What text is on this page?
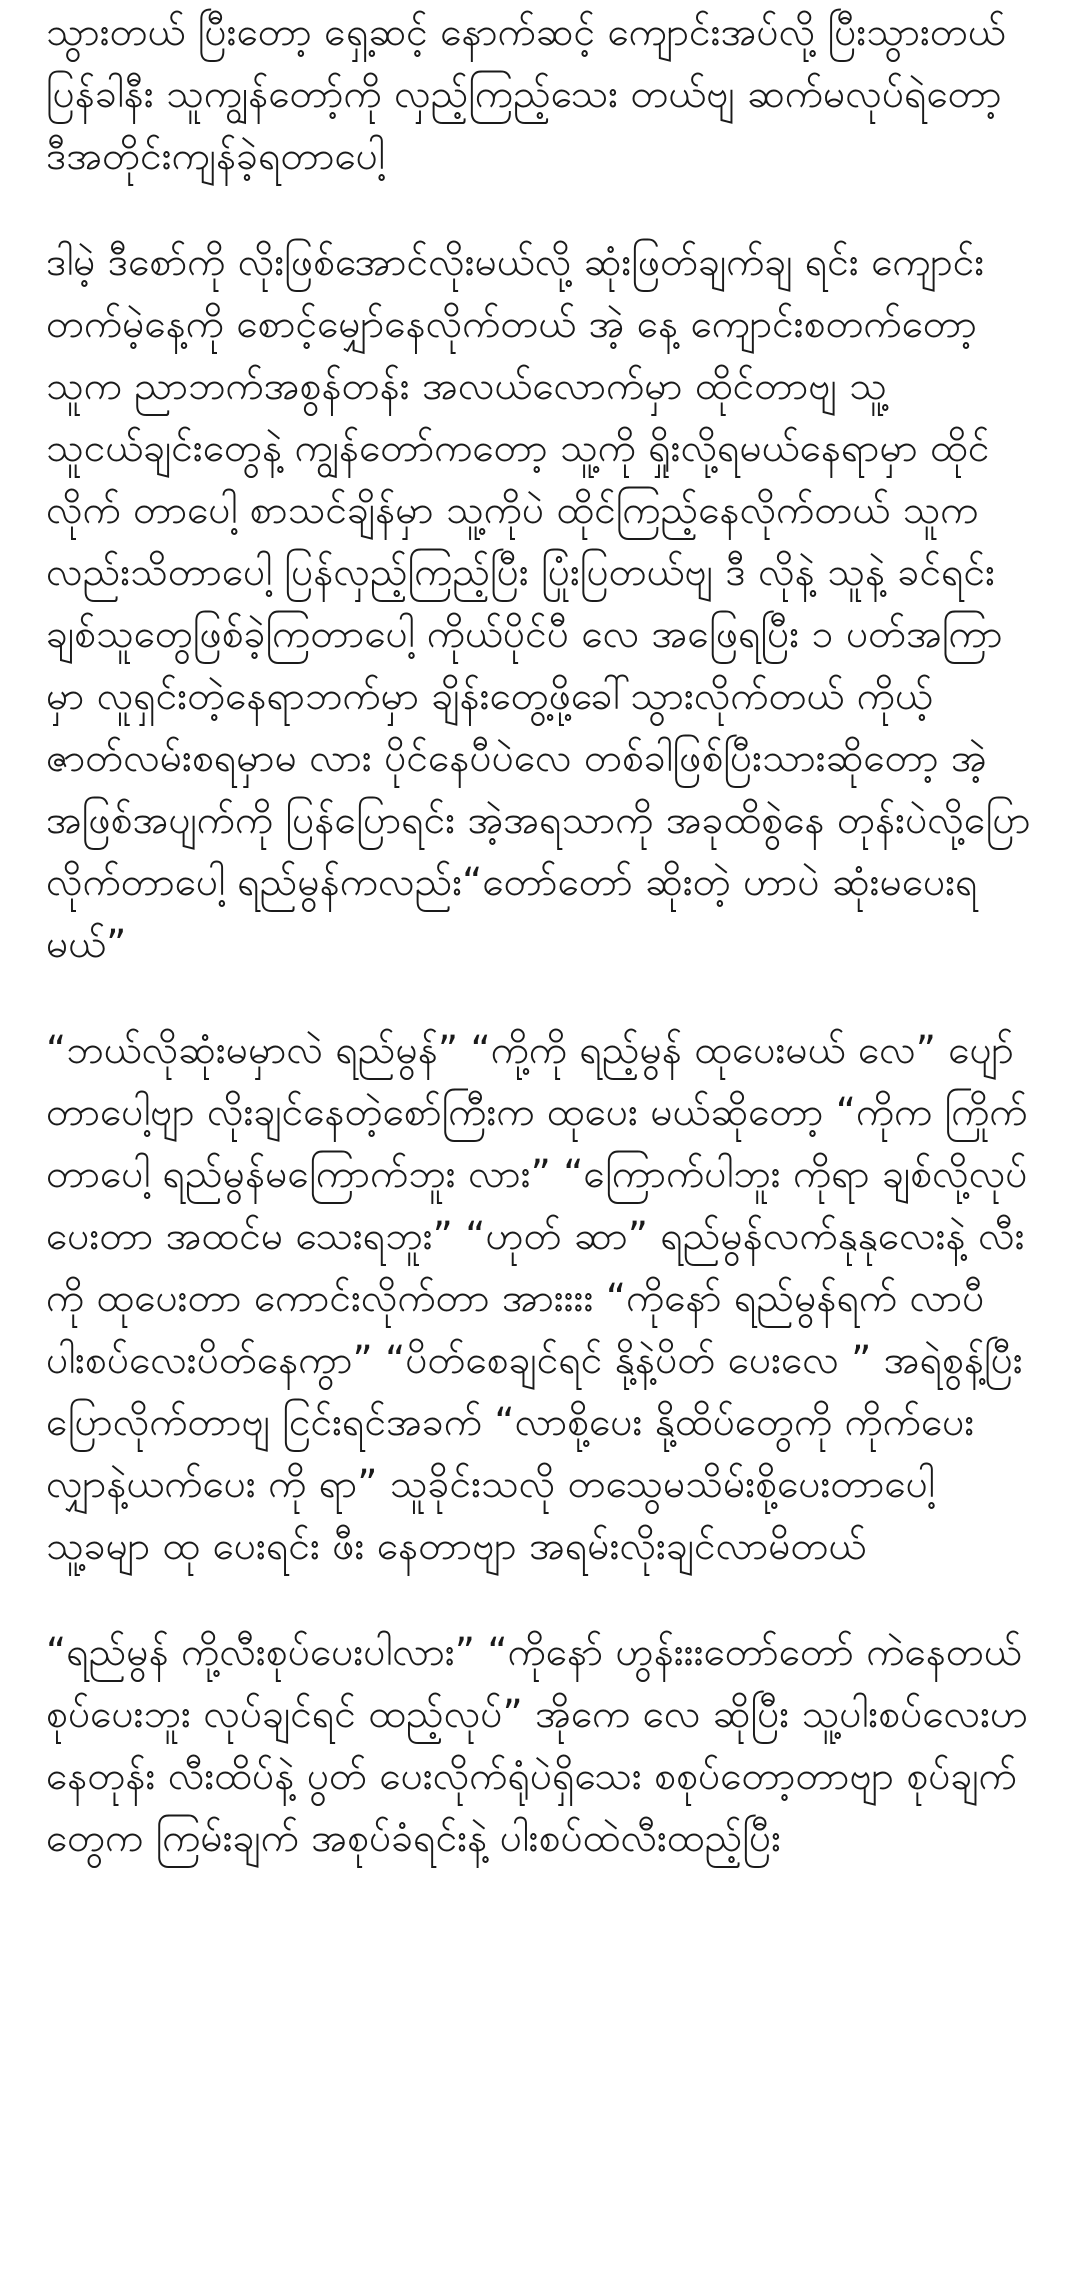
သွားတယ် ပြီးတော့ ရှေ့ဆင့် နောက်ဆင့် ကျောင်းအပ်လို့ ပြီးသွားတယ် ပြန်ခါနီး သူကျွန်တော့်ကို လှည့်ကြည့်သေး တယ်ဗျ ဆက်မလုပ်ရဲတော့ ဒီအတိုင်းကျန်ခဲ့ရတာပေါ့

ဒါမဲ့ ဒီစော်ကို လိုးဖြစ်အောင်လိုးမယ်လို့ ဆုံးဖြတ်ချက်ချ ရင်း ကျောင်းတက်မဲ့နေ့ကို စောင့်မျှော်နေလိုက်တယ် အဲ့ နေ့ ကျောင်းစတက်တော့ သူက ညာဘက်အစွန်တန်း အလယ်လောက်မှာ ထိုင်တာဗျ သူ့သူငယ်ချင်းတွေနဲ့ ကျွန်တော်ကတော့ သူ့ကို ရှိုးလို့ရမယ်နေရာမှာ ထိုင်လိုက် တာပေါ့ စာသင်ချိန်မှာ သူ့ကိုပဲ ထိုင်ကြည့်နေလိုက်တယ် သူကလည်းသိတာပေါ့ ပြန်လှည့်ကြည့်ပြီး ပြုံးပြတယ်ဗျ ဒီ လိုနဲ့ သူနဲ့ ခင်ရင်း ချစ်သူတွေဖြစ်ခဲ့ကြတာပေါ့ ကိုယ်ပိုင်ပီ လေ အဖြေရပြီး ၁ ပတ်အကြာမှာ လူရှင်းတဲ့နေရာဘက်မှာ ချိန်းတွေ့ဖို့ခေါ်သွားလိုက်တယ် ကိုယ့်ဇာတ်လမ်းစရမှာမ လား ပိုင်နေပီပဲလေ တစ်ခါဖြစ်ပြီးသားဆိုတော့ အဲ့ အဖြစ်အပျက်ကို ပြန်ပြောရင်း အဲ့အရသာကို အခုထိစွဲနေ တုန်းပဲလို့ပြောလိုက်တာပေါ့ ရည်မွန်ကလည်း“တော်တော် ဆိုးတဲ့ ဟာပဲ ဆုံးမပေးရမယ်”

“ဘယ်လိုဆုံးမမှာလဲ ရည်မွန်” “ကို့ကို ရည့်မွန် ထုပေးမယ် လေ” ပျော်တာပေါ့ဗျာ လိုးချင်နေတဲ့စော်ကြီးက ထုပေး မယ်ဆိုတော့ “ကိုက ကြိုက်တာပေါ့ ရည်မွန်မကြောက်ဘူး လား” “ကြောက်ပါဘူး ကိုရာ ချစ်လို့လုပ်ပေးတာ အထင်မ သေးရဘူး” “ဟုတ် ဆာ” ရည်မွန်လက်နုနုလေးနဲ့ လီးကို ထုပေးတာ ကောင်းလိုက်တာ အားးးး “ကိုနော် ရည်မွန်ရက် လာပီ ပါးစပ်လေးပိတ်နေကွာ” “ပိတ်စေချင်ရင် နို့နဲ့ပိတ် ပေးလေ ” အရဲစွန့်ပြီးပြောလိုက်တာဗျ ငြင်းရင်အခက် “လာစို့ပေး နို့ထိပ်တွေကို ကိုက်ပေး လျှာနဲ့ယက်ပေး ကို ရာ” သူခိုင်းသလို တသွေမသိမ်းစို့ပေးတာပေါ့ သူ့ခမျာ ထု ပေးရင်း ဖီး နေတာဗျာ အရမ်းလိုးချင်လာမိတယ်

“ရည်မွန် ကို့လီးစုပ်ပေးပါလား” “ကိုနော် ဟွန်းးးတော်တော် ကဲနေတယ် စုပ်ပေးဘူး လုပ်ချင်ရင် ထည့်လုပ်” အိုကေ လေ ဆိုပြီး သူ့ပါးစပ်လေးဟနေတုန်း လီးထိပ်နဲ့ ပွတ် ပေးလိုက်ရုံပဲရှိသေး စစုပ်တော့တာဗျာ စုပ်ချက်တွေက ကြမ်းချက် အစုပ်ခံရင်းနဲ့ ပါးစပ်ထဲလီးထည့်ပြီး
